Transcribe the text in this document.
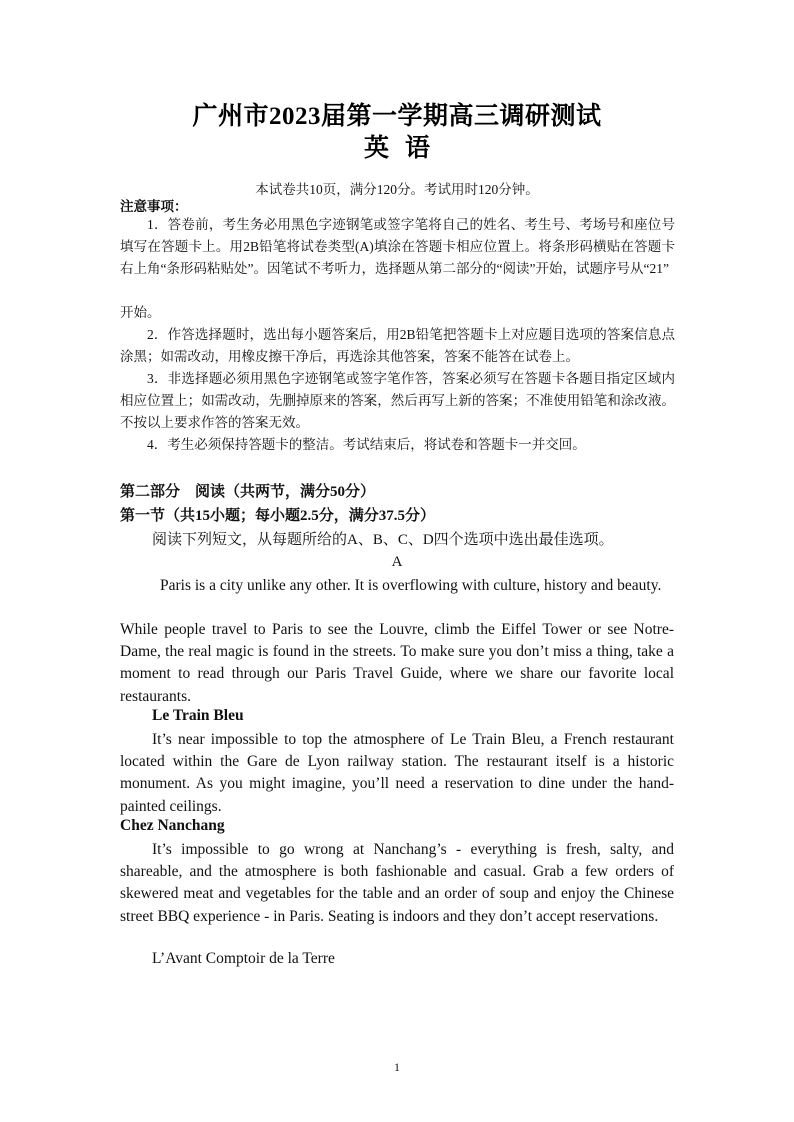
广州市2023届第一学期高三调研测试
英语
本试卷共10页，满分120分。考试用时120分钟。
注意事项：

1．答卷前，考生务必用黑色字迹钢笔或签字笔将自己的姓名、考生号、考场号和座位号填写在答题卡上。用2B铅笔将试卷类型(A)填涂在答题卡相应位置上。将条形码横贴在答题卡右上角“条形码粘贴处”。因笔试不考听力，选择题从第二部分的“阅读”开始，试题序号从“21”

开始。

2．作答选择题时，选出每小题答案后，用2B铅笔把答题卡上对应题目选项的答案信息点涂黑；如需改动，用橡皮擦干净后，再选涂其他答案，答案不能答在试卷上。

3．非选择题必须用黑色字迹钢笔或签字笔作答，答案必须写在答题卡各题目指定区域内相应位置上；如需改动，先删掉原来的答案，然后再写上新的答案；不准使用铅笔和涂改液。不按以上要求作答的答案无效。

4．考生必须保持答题卡的整洁。考试结束后，将试卷和答题卡一并交回。

第二部分　阅读（共两节，满分50分）
第一节（共15小题；每小题2.5分，满分37.5分）
阅读下列短文，从每题所给的A、B、C、D四个选项中选出最佳选项。
A

Paris is a city unlike any other. It is overflowing with culture, history and beauty.

While people travel to Paris to see the Louvre, climb the Eiffel Tower or see Notre-Dame, the real magic is found in the streets. To make sure you don’t miss a thing, take a moment to read through our Paris Travel Guide, where we share our favorite local restaurants.

Le Train Bleu

It’s near impossible to top the atmosphere of Le Train Bleu, a French restaurant located within the Gare de Lyon railway station. The restaurant itself is a historic monument. As you might imagine, you’ll need a reservation to dine under the hand-painted ceilings.

Chez Nanchang

It’s impossible to go wrong at Nanchang’s - everything is fresh, salty, and shareable, and the atmosphere is both fashionable and casual. Grab a few orders of skewered meat and vegetables for the table and an order of soup and enjoy the Chinese street BBQ experience - in Paris. Seating is indoors and they don’t accept reservations.

L’Avant Comptoir de la Terre
1
